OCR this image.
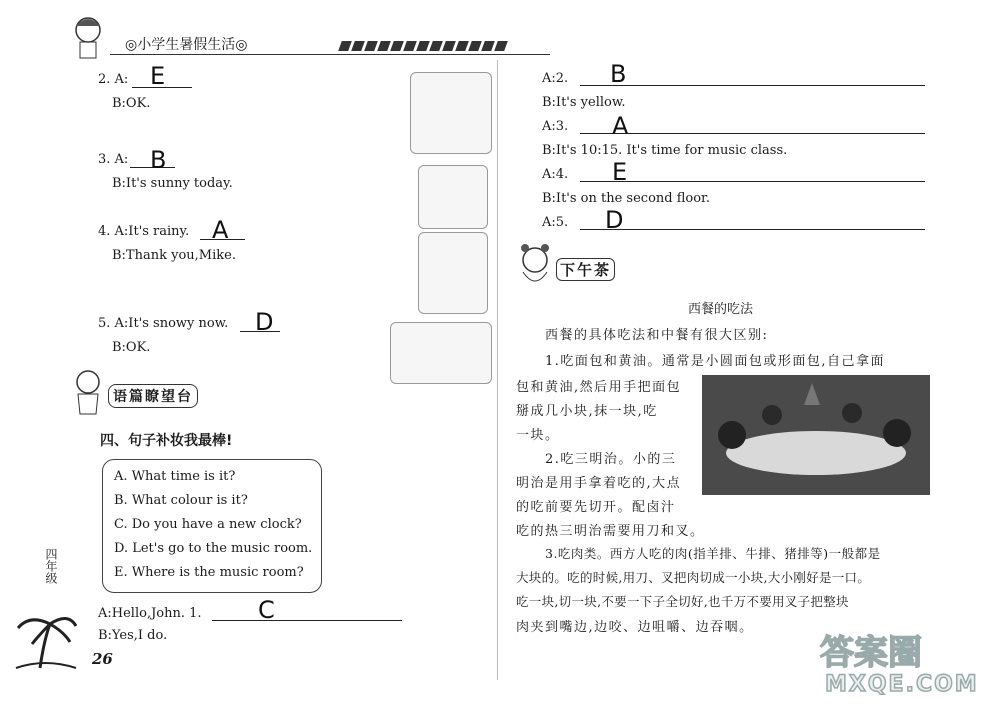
◎小学生暑假生活◎
2. A: E
B:OK.
3. A: B
B:It's sunny today.
4. A:It's rainy. A
B:Thank you,Mike.
5. A:It's snowy now. D
B:OK.
语篇瞭望台
四、句子补妆我最棒!
A. What time is it?
B. What colour is it?
C. Do you have a new clock?
D. Let's go to the music room.
E. Where is the music room?
A:Hello,John. 1. C
B:Yes,I do.
四年级
26
A:2. B
B:It's yellow.
A:3. A
B:It's 10:15. It's time for music class.
A:4. E
B:It's on the second floor.
A:5. D
下午茶
西餐的吃法
西餐的具体吃法和中餐有很大区别:
1.吃面包和黄油。通常是小圆面包或形面包,自己拿面
包和黄油,然后用手把面包
掰成几小块,抹一块,吃
一块。
2.吃三明治。小的三
明治是用手拿着吃的,大点
的吃前要先切开。配卤汁
吃的热三明治需要用刀和叉。
3.吃肉类。西方人吃的肉(指羊排、牛排、猪排等)一般都是
大块的。吃的时候,用刀、叉把肉切成一小块,大小刚好是一口。
吃一块,切一块,不要一下子全切好,也千万不要用叉子把整块
肉夹到嘴边,边咬、边咀嚼、边吞咽。
答案圈
MXQE.COM
